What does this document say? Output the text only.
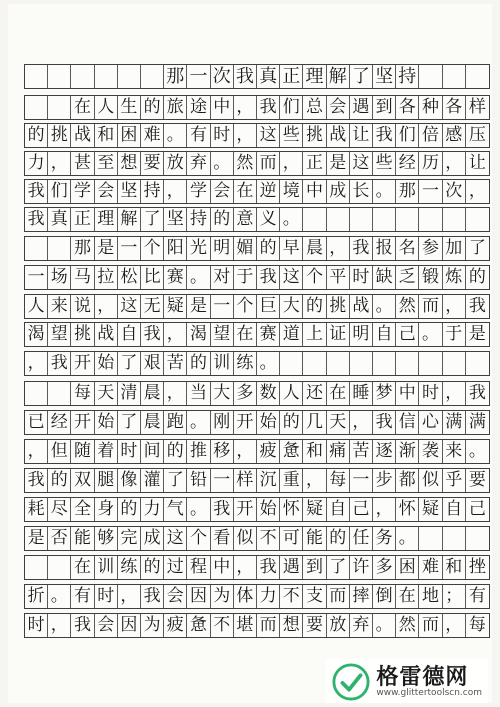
那 一 次 我 真 正 理 解 了 坚 持
在 人 生 的 旅 途 中 ， 我 们 总 会 遇 到 各 种 各 样
的 挑 战 和 困 难 。 有 时 ， 这 些 挑 战 让 我 们 倍 感 压
力 ， 甚 至 想 要 放 弃 。 然 而 ， 正 是 这 些 经 历 ， 让
我 们 学 会 坚 持 ， 学 会 在 逆 境 中 成 长 。 那 一 次 ，
我 真 正 理 解 了 坚 持 的 意 义 。
那 是 一 个 阳 光 明 媚 的 早 晨 ， 我 报 名 参 加 了
一 场 马 拉 松 比 赛 。 对 于 我 这 个 平 时 缺 乏 锻 炼 的
人 来 说 ， 这 无 疑 是 一 个 巨 大 的 挑 战 。 然 而 ， 我
渴 望 挑 战 自 我 ， 渴 望 在 赛 道 上 证 明 自 己 。 于 是
， 我 开 始 了 艰 苦 的 训 练 。
每 天 清 晨 ， 当 大 多 数 人 还 在 睡 梦 中 时 ， 我
已 经 开 始 了 晨 跑 。 刚 开 始 的 几 天 ， 我 信 心 满 满
， 但 随 着 时 间 的 推 移 ， 疲 惫 和 痛 苦 逐 渐 袭 来 。
我 的 双 腿 像 灌 了 铅 一 样 沉 重 ， 每 一 步 都 似 乎 要
耗 尽 全 身 的 力 气 。 我 开 始 怀 疑 自 己 ， 怀 疑 自 己
是 否 能 够 完 成 这 个 看 似 不 可 能 的 任 务 。
在 训 练 的 过 程 中 ， 我 遇 到 了 许 多 困 难 和 挫
折 。 有 时 ， 我 会 因 为 体 力 不 支 而 摔 倒 在 地 ； 有
时 ， 我 会 因 为 疲 惫 不 堪 而 想 要 放 弃 。 然 而 ， 每
格雷德网
www.glittertoolscn.com
